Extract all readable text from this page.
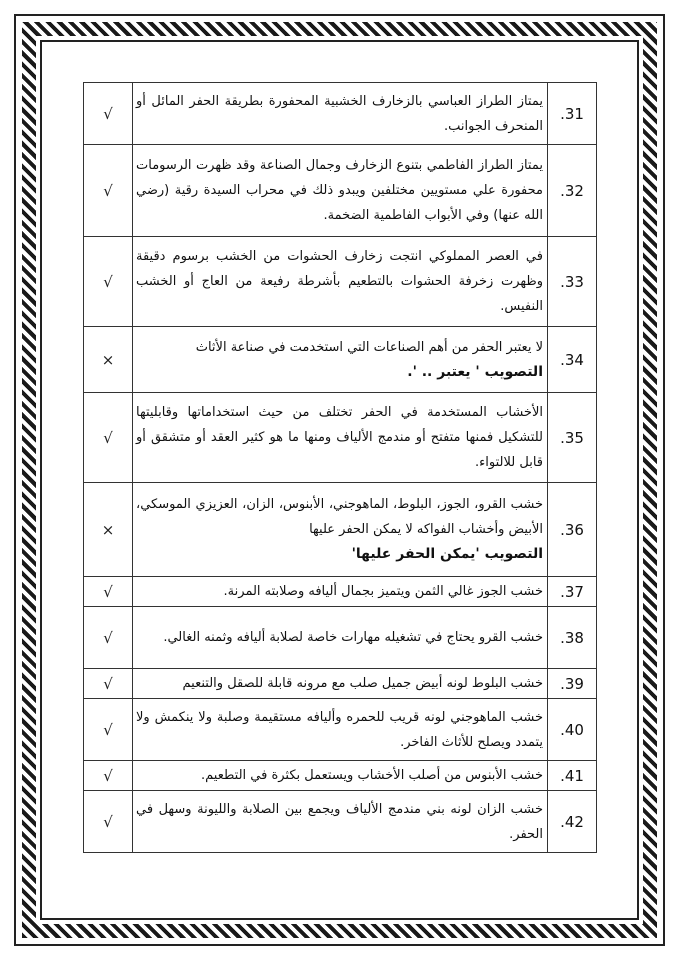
31.	يمتاز الطراز العباسي بالزخارف الخشبية المحفورة بطريقة الحفر المائل أو المنحرف الجوانب.	√
32.	يمتاز الطراز الفاطمي بتنوع الزخارف وجمال الصناعة وقد ظهرت الرسومات محفورة علي مستويين مختلفين ويبدو ذلك في محراب السيدة رقية (رضي الله عنها) وفي الأبواب الفاطمية الضخمة.	√
33.	في العصر المملوكي انتجت زخارف الحشوات من الخشب برسوم دقيقة وظهرت زخرفة الحشوات بالتطعيم بأشرطة رفيعة من العاج أو الخشب النفيس.	√
34.	لا يعتبر الحفر من أهم الصناعات التي استخدمت في صناعة الأثاث
التصويب ' يعتبر .. '.	×
35.	الأخشاب المستخدمة في الحفر تختلف من حيث استخداماتها وقابليتها للتشكيل فمنها متفتح أو مندمج الألياف ومنها ما هو كثير العقد أو متشقق أو قابل للالتواء.	√
36.	خشب القرو، الجوز، البلوط، الماهوجني، الأبنوس، الزان، العزيزي الموسكي، الأبيض وأخشاب الفواكه لا يمكن الحفر عليها
التصويب 'يمكن الحفر عليها'	×
37.	خشب الجوز غالي الثمن ويتميز بجمال أليافه وصلابته المرنة.	√
38.	خشب القرو يحتاج في تشغيله مهارات خاصة لصلابة أليافه وثمنه الغالي.	√
39.	خشب البلوط لونه أبيض جميل صلب مع مرونه قابلة للصقل والتنعيم	√
40.	خشب الماهوجني لونه قريب للحمره وأليافه مستقيمة وصلبة ولا ينكمش ولا يتمدد ويصلح للأثاث الفاخر.	√
41.	خشب الأبنوس من أصلب الأخشاب ويستعمل بكثرة في التطعيم.	√
42.	خشب الزان لونه بني مندمج الألياف ويجمع بين الصلابة والليونة وسهل في الحفر.	√
